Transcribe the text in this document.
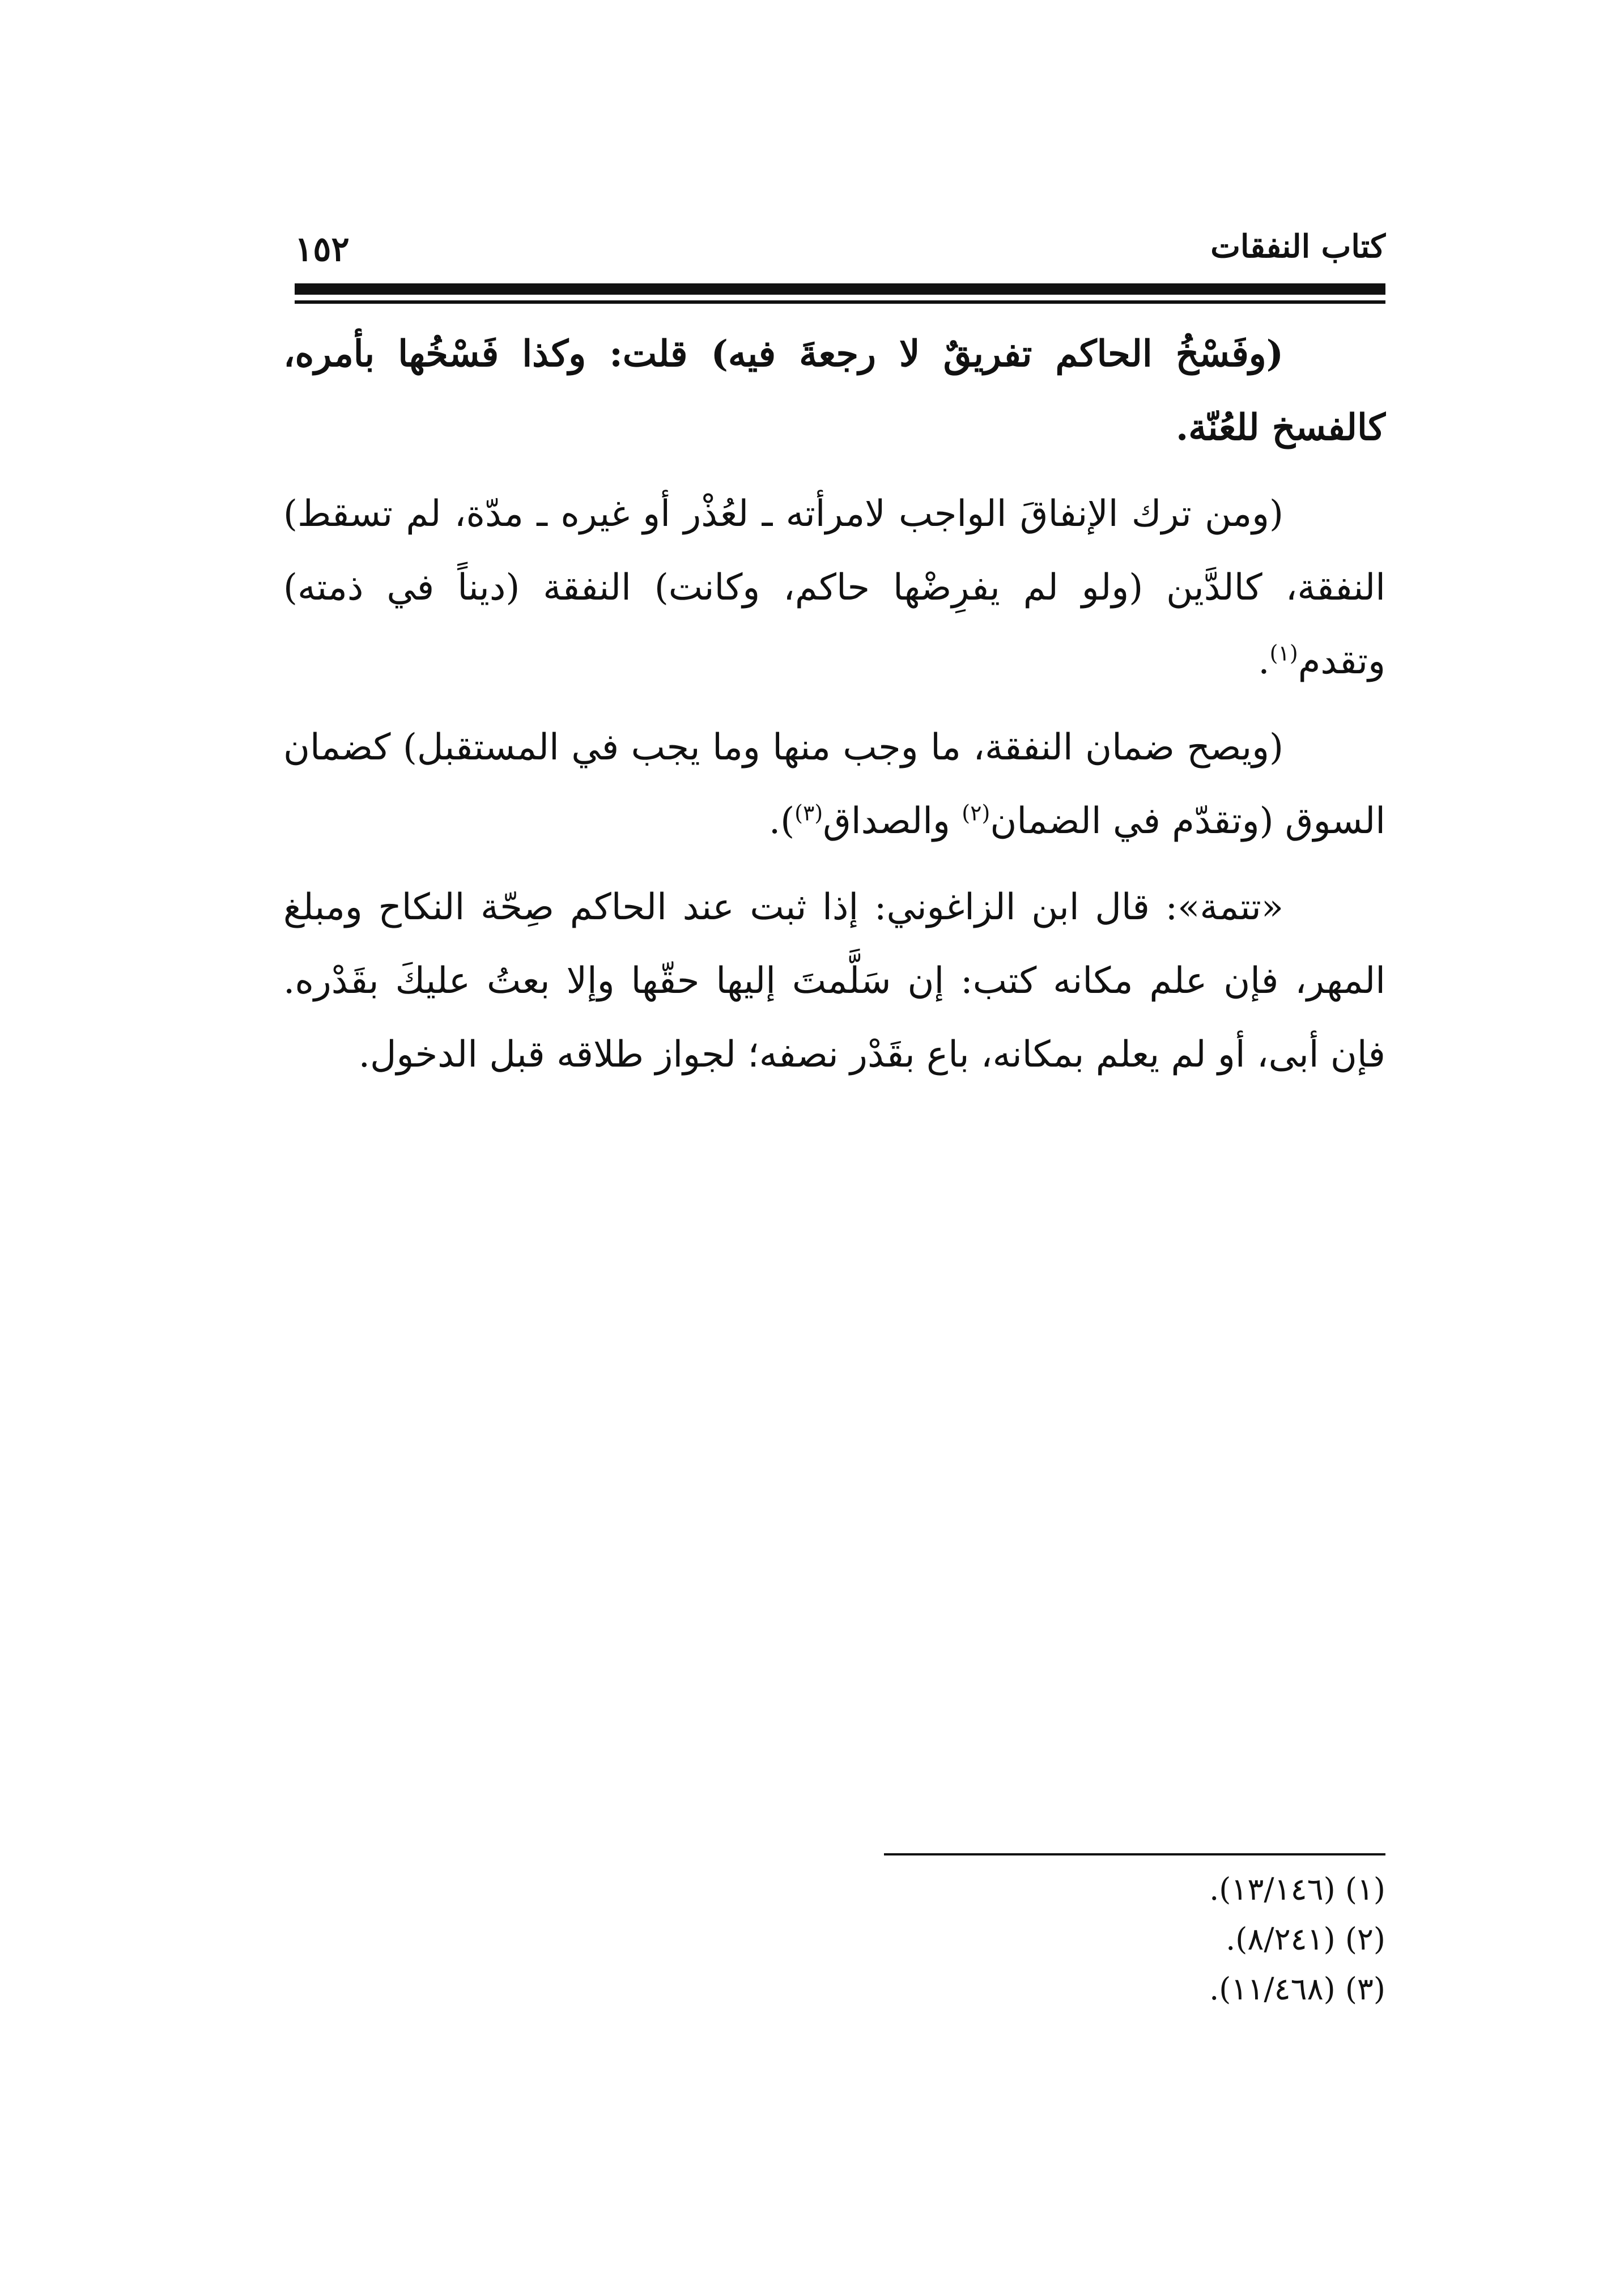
كتاب النفقات
١٥٢

(وفَسْخُ الحاكم تفريقٌ لا رجعةَ فيه) قلت: وكذا فَسْخُها بأمره، كالفسخ للعُنّة.

(ومن ترك الإنفاقَ الواجب لامرأته ـ لعُذْر أو غيره ـ مدّة، لم تسقط) النفقة، كالدَّين (ولو لم يفرِضْها حاكم، وكانت) النفقة (ديناً في ذمته) وتقدم$^{(١)}$.

(ويصح ضمان النفقة، ما وجب منها وما يجب في المستقبل) كضمان السوق (وتقدّم في الضمان$^{(٢)}$ والصداق$^{(٣)}$).

«تتمة»: قال ابن الزاغوني: إذا ثبت عند الحاكم صِحّة النكاح ومبلغ المهر، فإن علم مكانه كتب: إن سَلَّمتَ إليها حقّها وإلا بعتُ عليكَ بقَدْره. فإن أبى، أو لم يعلم بمكانه، باع بقَدْر نصفه؛ لجواز طلاقه قبل الدخول.

(١) (١٣/١٤٦).

(٢) (٨/٢٤١).

(٣) (١١/٤٦٨).
